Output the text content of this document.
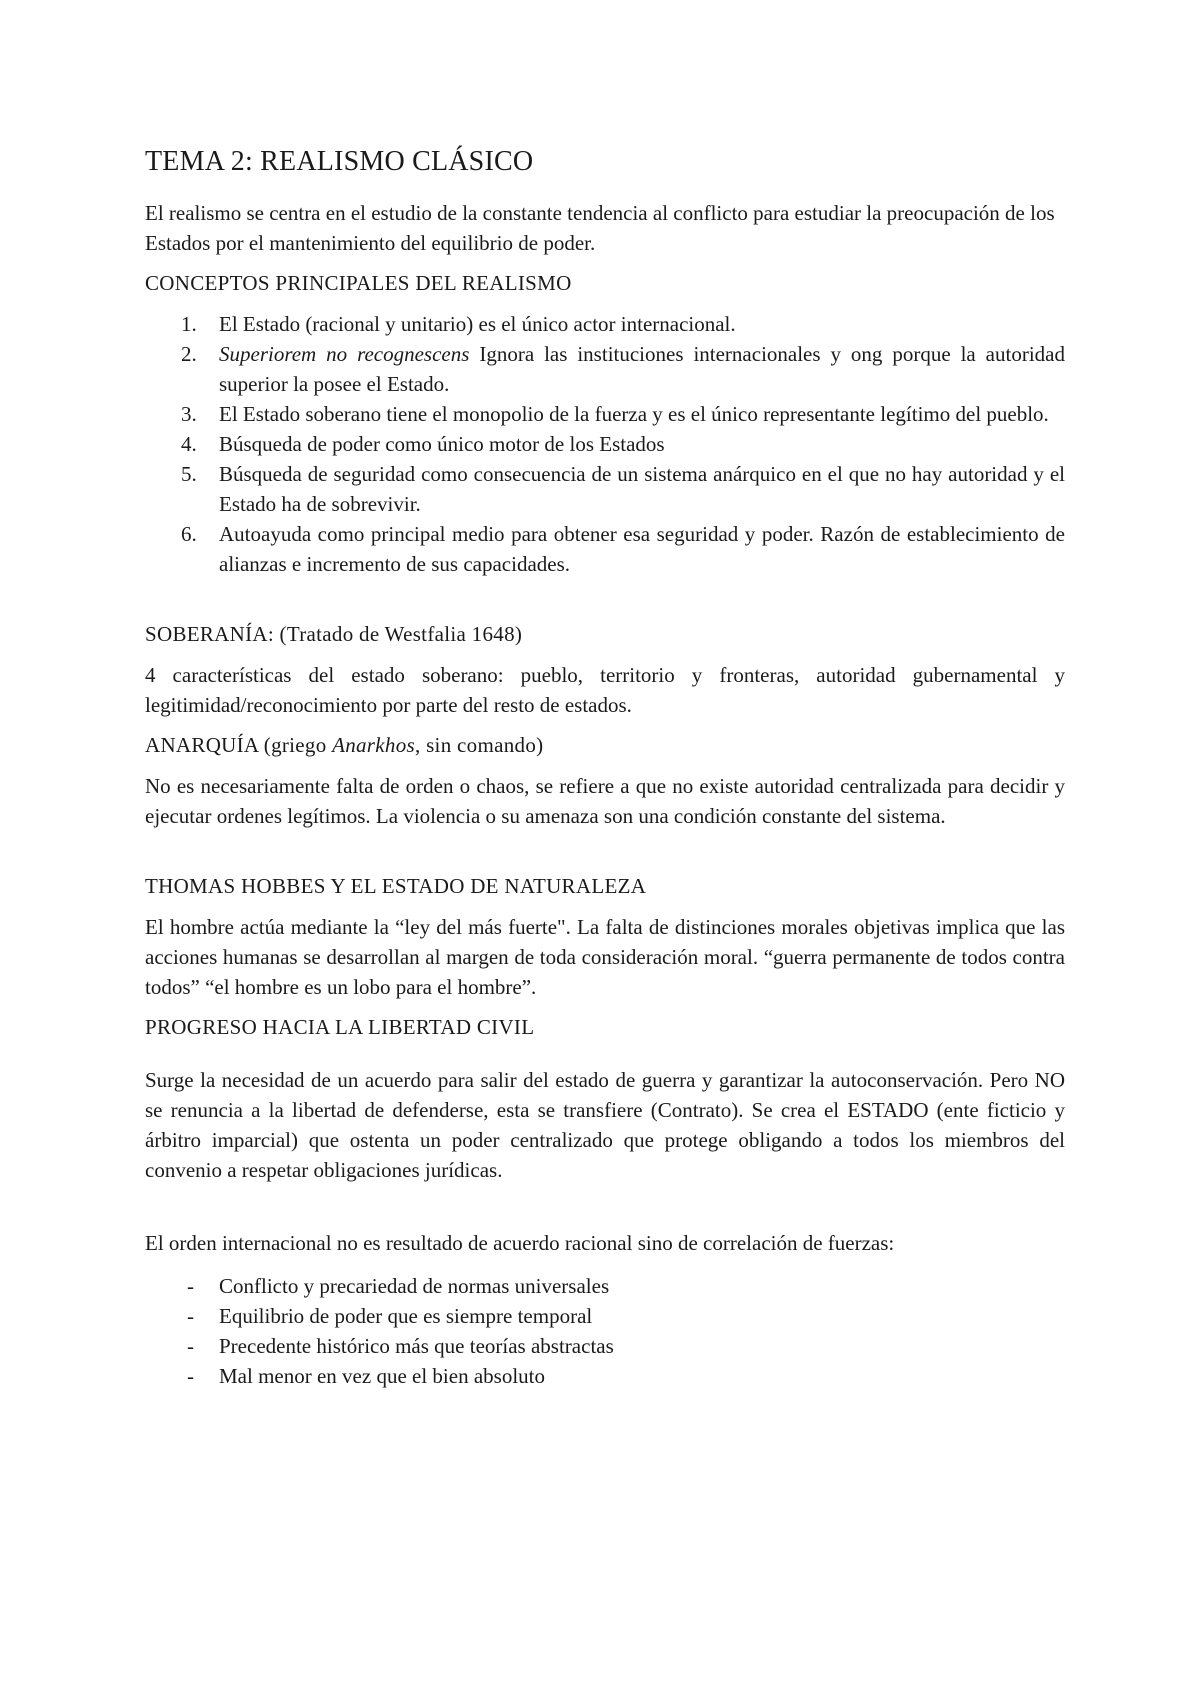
TEMA 2: REALISMO CLÁSICO

El realismo se centra en el estudio de la constante tendencia al conflicto para estudiar la preocupación de los Estados por el mantenimiento del equilibrio de poder.

CONCEPTOS PRINCIPALES DEL REALISMO
1. El Estado (racional y unitario) es el único actor internacional.
2. Superiorem no recognescens Ignora las instituciones internacionales y ong porque la autoridad superior la posee el Estado.
3. El Estado soberano tiene el monopolio de la fuerza y es el único representante legítimo del pueblo.
4. Búsqueda de poder como único motor de los Estados
5. Búsqueda de seguridad como consecuencia de un sistema anárquico en el que no hay autoridad y el Estado ha de sobrevivir.
6. Autoayuda como principal medio para obtener esa seguridad y poder. Razón de establecimiento de alianzas e incremento de sus capacidades.
SOBERANÍA: (Tratado de Westfalia 1648)

4 características del estado soberano: pueblo, territorio y fronteras, autoridad gubernamental y legitimidad/reconocimiento por parte del resto de estados.

ANARQUÍA (griego Anarkhos, sin comando)

No es necesariamente falta de orden o chaos, se refiere a que no existe autoridad centralizada para decidir y ejecutar ordenes legítimos. La violencia o su amenaza son una condición constante del sistema.

THOMAS HOBBES Y EL ESTADO DE NATURALEZA

El hombre actúa mediante la “ley del más fuerte". La falta de distinciones morales objetivas implica que las acciones humanas se desarrollan al margen de toda consideración moral. “guerra permanente de todos contra todos” “el hombre es un lobo para el hombre”.

PROGRESO HACIA LA LIBERTAD CIVIL

Surge la necesidad de un acuerdo para salir del estado de guerra y garantizar la autoconservación. Pero NO se renuncia a la libertad de defenderse, esta se transfiere (Contrato). Se crea el ESTADO (ente ficticio y árbitro imparcial) que ostenta un poder centralizado que protege obligando a todos los miembros del convenio a respetar obligaciones jurídicas.

El orden internacional no es resultado de acuerdo racional sino de correlación de fuerzas:

- Conflicto y precariedad de normas universales
- Equilibrio de poder que es siempre temporal
- Precedente histórico más que teorías abstractas
- Mal menor en vez que el bien absoluto
